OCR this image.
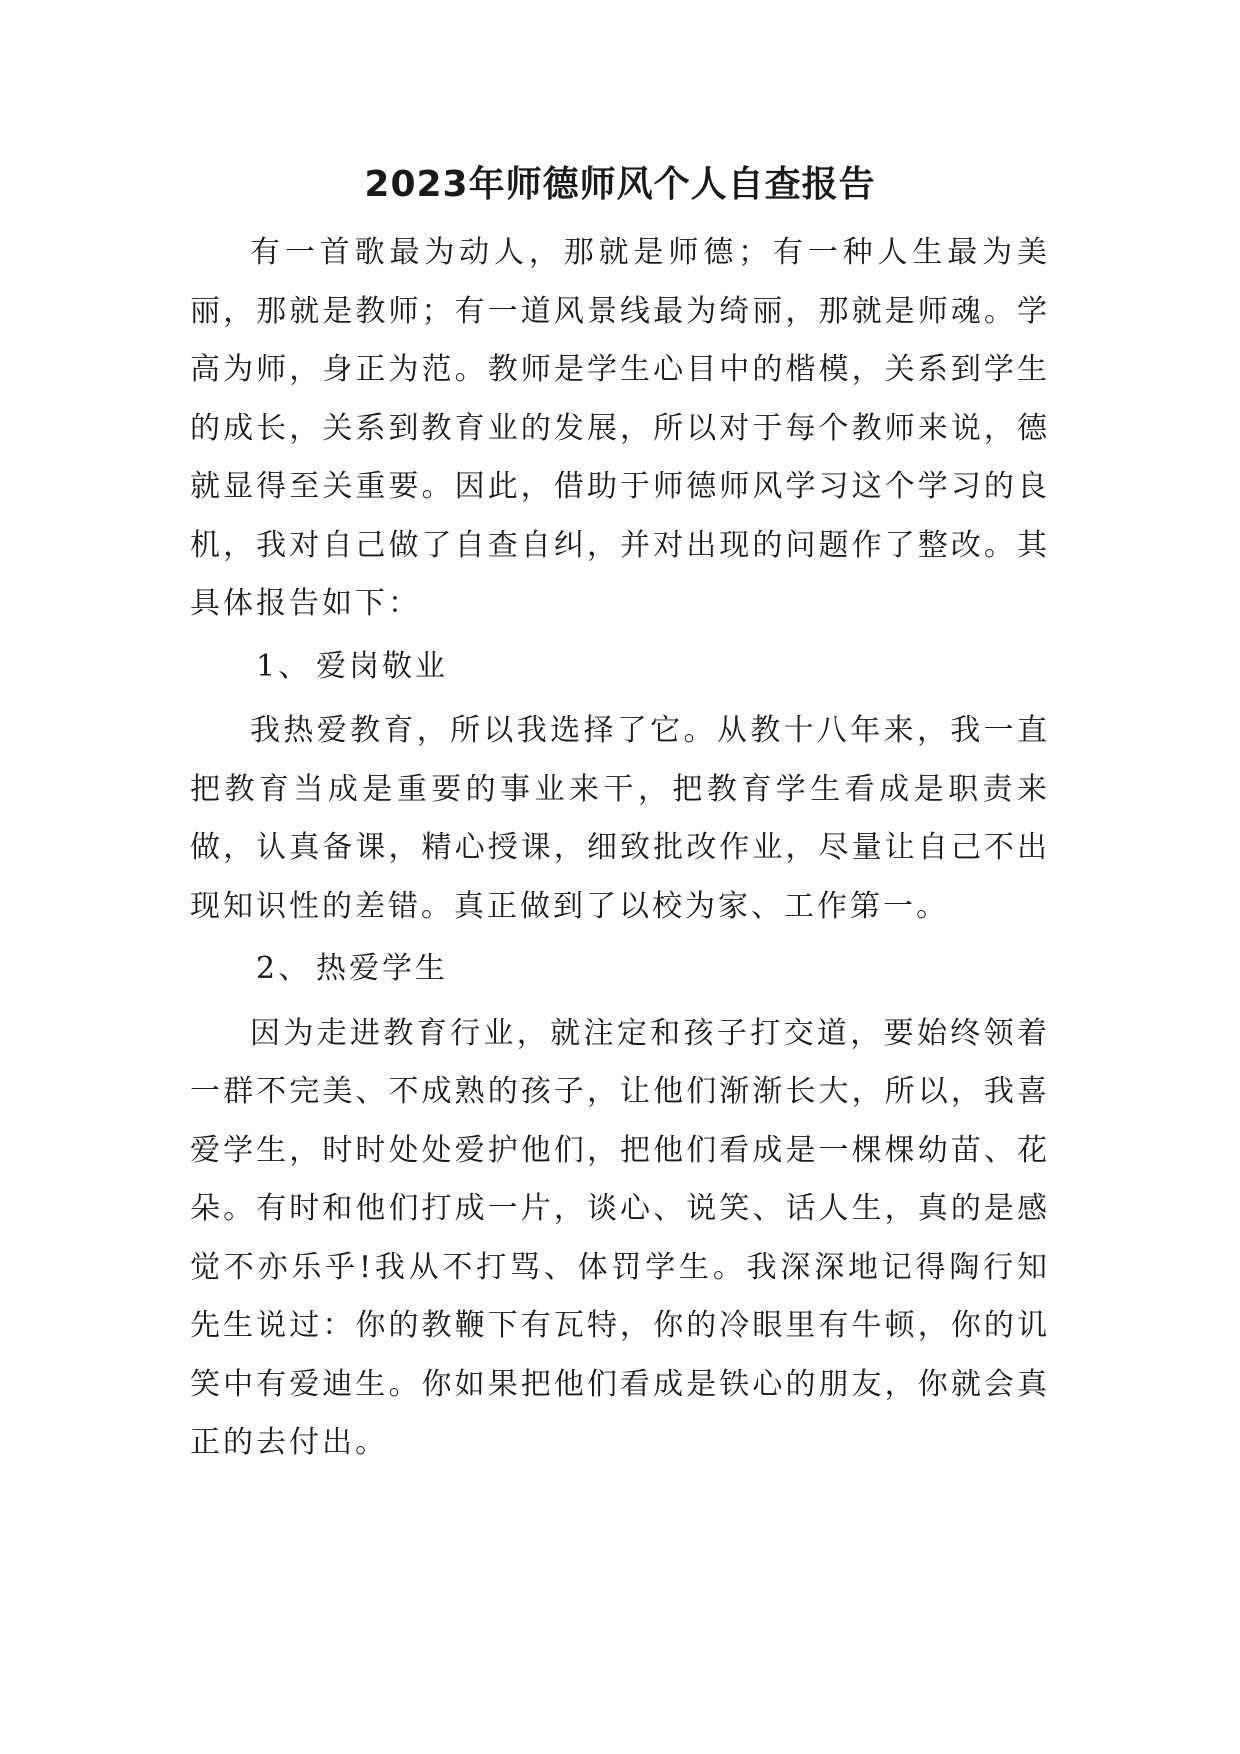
2023年师德师风个人自查报告

有一首歌最为动人，那就是师德；有一种人生最为美丽，那就是教师；有一道风景线最为绮丽，那就是师魂。学高为师，身正为范。教师是学生心目中的楷模，关系到学生的成长，关系到教育业的发展，所以对于每个教师来说，德就显得至关重要。因此，借助于师德师风学习这个学习的良机，我对自己做了自查自纠，并对出现的问题作了整改。其具体报告如下：

1、 爱岗敬业

我热爱教育，所以我选择了它。从教十八年来，我一直把教育当成是重要的事业来干，把教育学生看成是职责来做，认真备课，精心授课，细致批改作业，尽量让自己不出现知识性的差错。真正做到了以校为家、工作第一。

2、 热爱学生

因为走进教育行业，就注定和孩子打交道，要始终领着一群不完美、不成熟的孩子，让他们渐渐长大，所以，我喜爱学生，时时处处爱护他们，把他们看成是一棵棵幼苗、花朵。有时和他们打成一片，谈心、说笑、话人生，真的是感觉不亦乐乎!我从不打骂、体罚学生。我深深地记得陶行知先生说过：你的教鞭下有瓦特，你的冷眼里有牛顿，你的讥笑中有爱迪生。你如果把他们看成是铁心的朋友，你就会真正的去付出。
